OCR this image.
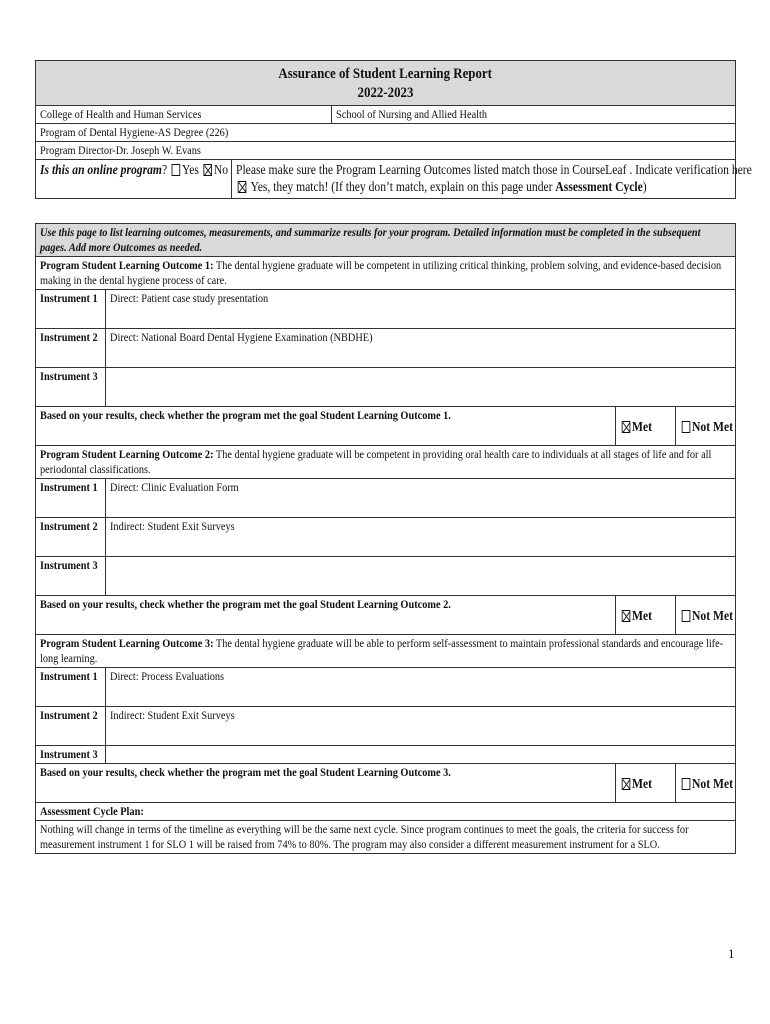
Assurance of Student Learning Report
2022-2023
College of Health and Human Services	School of Nursing and Allied Health
Program of Dental Hygiene-AS Degree (226)
Program Director-Dr. Joseph W. Evans
Is this an online program? Yes No	Please make sure the Program Learning Outcomes listed match those in CourseLeaf . Indicate verification here
Yes, they match! (If they don’t match, explain on this page under Assessment Cycle)
Use this page to list learning outcomes, measurements, and summarize results for your program. Detailed information must be completed in the subsequent pages. Add more Outcomes as needed.			

Program Student Learning Outcome 1: The dental hygiene graduate will be competent in utilizing critical thinking, problem solving, and evidence-based decision making in the dental hygiene process of care.			

Instrument 1	Direct: Patient case study presentation		
Instrument 2	Direct: National Board Dental Hygiene Examination (NBDHE)		
Instrument 3			
Based on your results, check whether the program met the goal Student Learning Outcome 1.		Met	Not Met

Program Student Learning Outcome 2: The dental hygiene graduate will be competent in providing oral health care to individuals at all stages of life and for all periodontal classifications.			

Instrument 1	Direct: Clinic Evaluation Form		
Instrument 2	Indirect: Student Exit Surveys		
Instrument 3			
Based on your results, check whether the program met the goal Student Learning Outcome 2.		Met	Not Met

Program Student Learning Outcome 3: The dental hygiene graduate will be able to perform self-assessment to maintain professional standards and encourage life-long learning.			

Instrument 1	Direct: Process Evaluations		
Instrument 2	Indirect: Student Exit Surveys		
Instrument 3			
Based on your results, check whether the program met the goal Student Learning Outcome 3.		Met	Not Met
Assessment Cycle Plan:			

Nothing will change in terms of the timeline as everything will be the same next cycle. Since program continues to meet the goals, the criteria for success for measurement instrument 1 for SLO 1 will be raised from 74% to 80%. The program may also consider a different measurement instrument for a SLO.			
1
